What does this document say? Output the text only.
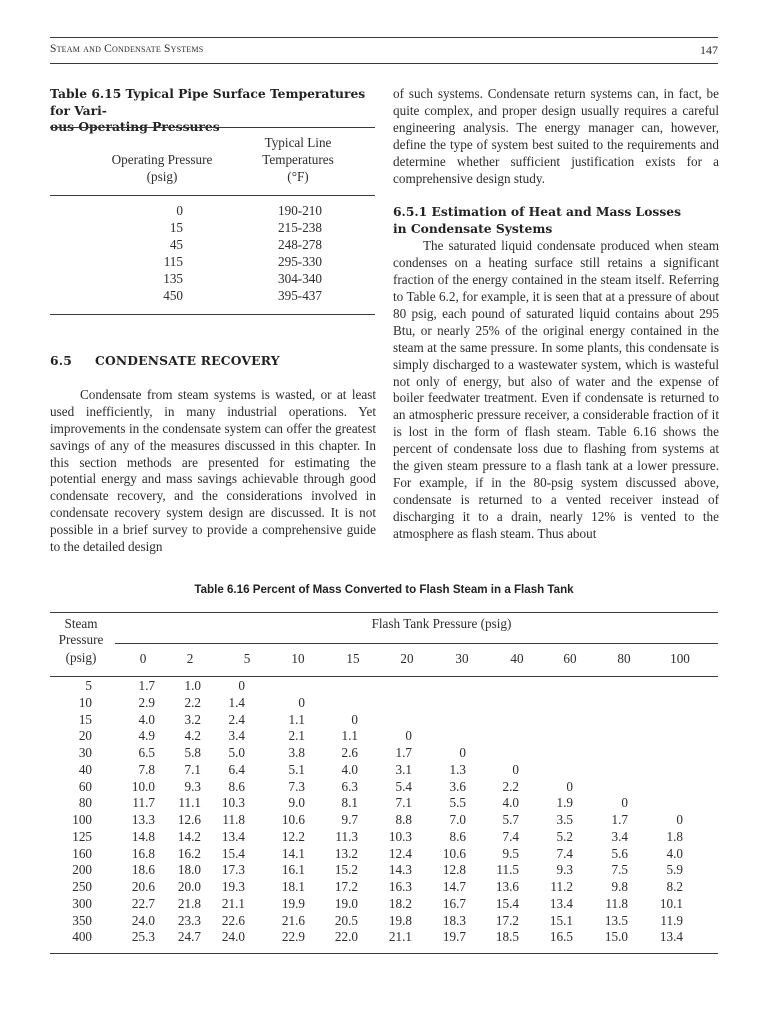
Steam and Condensate Systems	147
Table 6.15 Typical Pipe Surface Temperatures for Vari-
ous Operating Pressures
Operating Pressure
(psig)
Typical Line
Temperatures
(°F)
0	190-210
15	215-238
45	248-278
115	295-330
135	304-340
450	395-437
6.5 CONDENSATE RECOVERY

Condensate from steam systems is wasted, or at least used inefficiently, in many industrial operations. Yet improvements in the condensate system can offer the greatest savings of any of the measures discussed in this chapter. In this section methods are presented for estimating the potential energy and mass savings achievable through good condensate recovery, and the considerations involved in condensate recovery system design are discussed. It is not possible in a brief survey to provide a comprehensive guide to the detailed design

of such systems. Condensate return systems can, in fact, be quite complex, and proper design usually requires a careful engineering analysis. The energy manager can, however, define the type of system best suited to the requirements and determine whether sufficient justification exists for a comprehensive design study.

6.5.1 Estimation of Heat and Mass Losses
in Condensate Systems

The saturated liquid condensate produced when steam condenses on a heating surface still retains a significant fraction of the energy contained in the steam itself. Referring to Table 6.2, for example, it is seen that at a pressure of about 80 psig, each pound of saturated liquid contains about 295 Btu, or nearly 25% of the original energy contained in the steam at the same pressure. In some plants, this condensate is simply discharged to a wastewater system, which is wasteful not only of energy, but also of water and the expense of boiler feedwater treatment. Even if condensate is returned to an atmospheric pressure receiver, a considerable fraction of it is lost in the form of flash steam. Table 6.16 shows the percent of condensate loss due to flashing from systems at the given steam pressure to a flash tank at a lower pressure. For example, if in the 80-psig system discussed above, condensate is returned to a vented receiver instead of discharging it to a drain, nearly 12% is vented to the atmosphere as flash steam. Thus about

Table 6.16 Percent of Mass Converted to Flash Steam in a Flash Tank
Steam
Pressure
(psig)
Flash Tank Pressure (psig)
0	2	5	10	15	20	30	40	60	80	100
5	1.7	1.0	0
10	2.9	2.2	1.4	0
15	4.0	3.2	2.4	1.1	0
20	4.9	4.2	3.4	2.1	1.1	0
30	6.5	5.8	5.0	3.8	2.6	1.7	0
40	7.8	7.1	6.4	5.1	4.0	3.1	1.3	0
60	10.0	9.3	8.6	7.3	6.3	5.4	3.6	2.2	0
80	11.7	11.1	10.3	9.0	8.1	7.1	5.5	4.0	1.9	0
100	13.3	12.6	11.8	10.6	9.7	8.8	7.0	5.7	3.5	1.7	0
125	14.8	14.2	13.4	12.2	11.3	10.3	8.6	7.4	5.2	3.4	1.8
160	16.8	16.2	15.4	14.1	13.2	12.4	10.6	9.5	7.4	5.6	4.0
200	18.6	18.0	17.3	16.1	15.2	14.3	12.8	11.5	9.3	7.5	5.9
250	20.6	20.0	19.3	18.1	17.2	16.3	14.7	13.6	11.2	9.8	8.2
300	22.7	21.8	21.1	19.9	19.0	18.2	16.7	15.4	13.4	11.8	10.1
350	24.0	23.3	22.6	21.6	20.5	19.8	18.3	17.2	15.1	13.5	11.9
400	25.3	24.7	24.0	22.9	22.0	21.1	19.7	18.5	16.5	15.0	13.4
